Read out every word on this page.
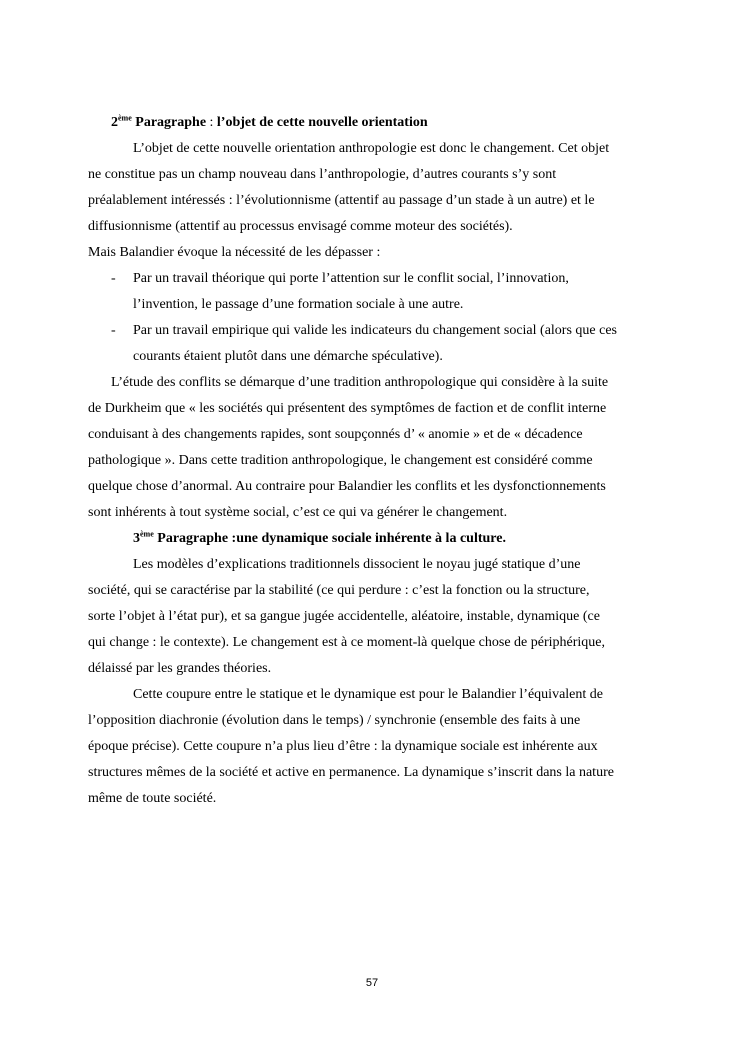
2ème Paragraphe : l’objet de cette nouvelle orientation
L’objet de cette nouvelle orientation anthropologie est donc le changement. Cet objet
ne constitue pas un champ nouveau dans l’anthropologie, d’autres courants s’y sont
préalablement intéressés : l’évolutionnisme (attentif au passage d’un stade à un autre) et le
diffusionnisme (attentif au processus envisagé comme moteur des sociétés).
Mais Balandier évoque la nécessité de les dépasser :
- Par un travail théorique qui porte l’attention sur le conflit social, l’innovation,
l’invention, le passage d’une formation sociale à une autre.
- Par un travail empirique qui valide les indicateurs du changement social (alors que ces
courants étaient plutôt dans une démarche spéculative).
L’étude des conflits se démarque d’une tradition anthropologique qui considère à la suite
de Durkheim que « les sociétés qui présentent des symptômes de faction et de conflit interne
conduisant à des changements rapides, sont soupçonnés d’ « anomie » et de « décadence
pathologique ». Dans cette tradition anthropologique, le changement est considéré comme
quelque chose d’anormal. Au contraire pour Balandier les conflits et les dysfonctionnements
sont inhérents à tout système social, c’est ce qui va générer le changement.
3ème Paragraphe :une dynamique sociale inhérente à la culture.
Les modèles d’explications traditionnels dissocient le noyau jugé statique d’une
société, qui se caractérise par la stabilité (ce qui perdure : c’est la fonction ou la structure,
sorte l’objet à l’état pur), et sa gangue jugée accidentelle, aléatoire, instable, dynamique (ce
qui change : le contexte). Le changement est à ce moment-là quelque chose de périphérique,
délaissé par les grandes théories.
Cette coupure entre le statique et le dynamique est pour le Balandier l’équivalent de
l’opposition diachronie (évolution dans le temps) / synchronie (ensemble des faits à une
époque précise). Cette coupure n’a plus lieu d’être : la dynamique sociale est inhérente aux
structures mêmes de la société et active en permanence. La dynamique s’inscrit dans la nature
même de toute société.
57
